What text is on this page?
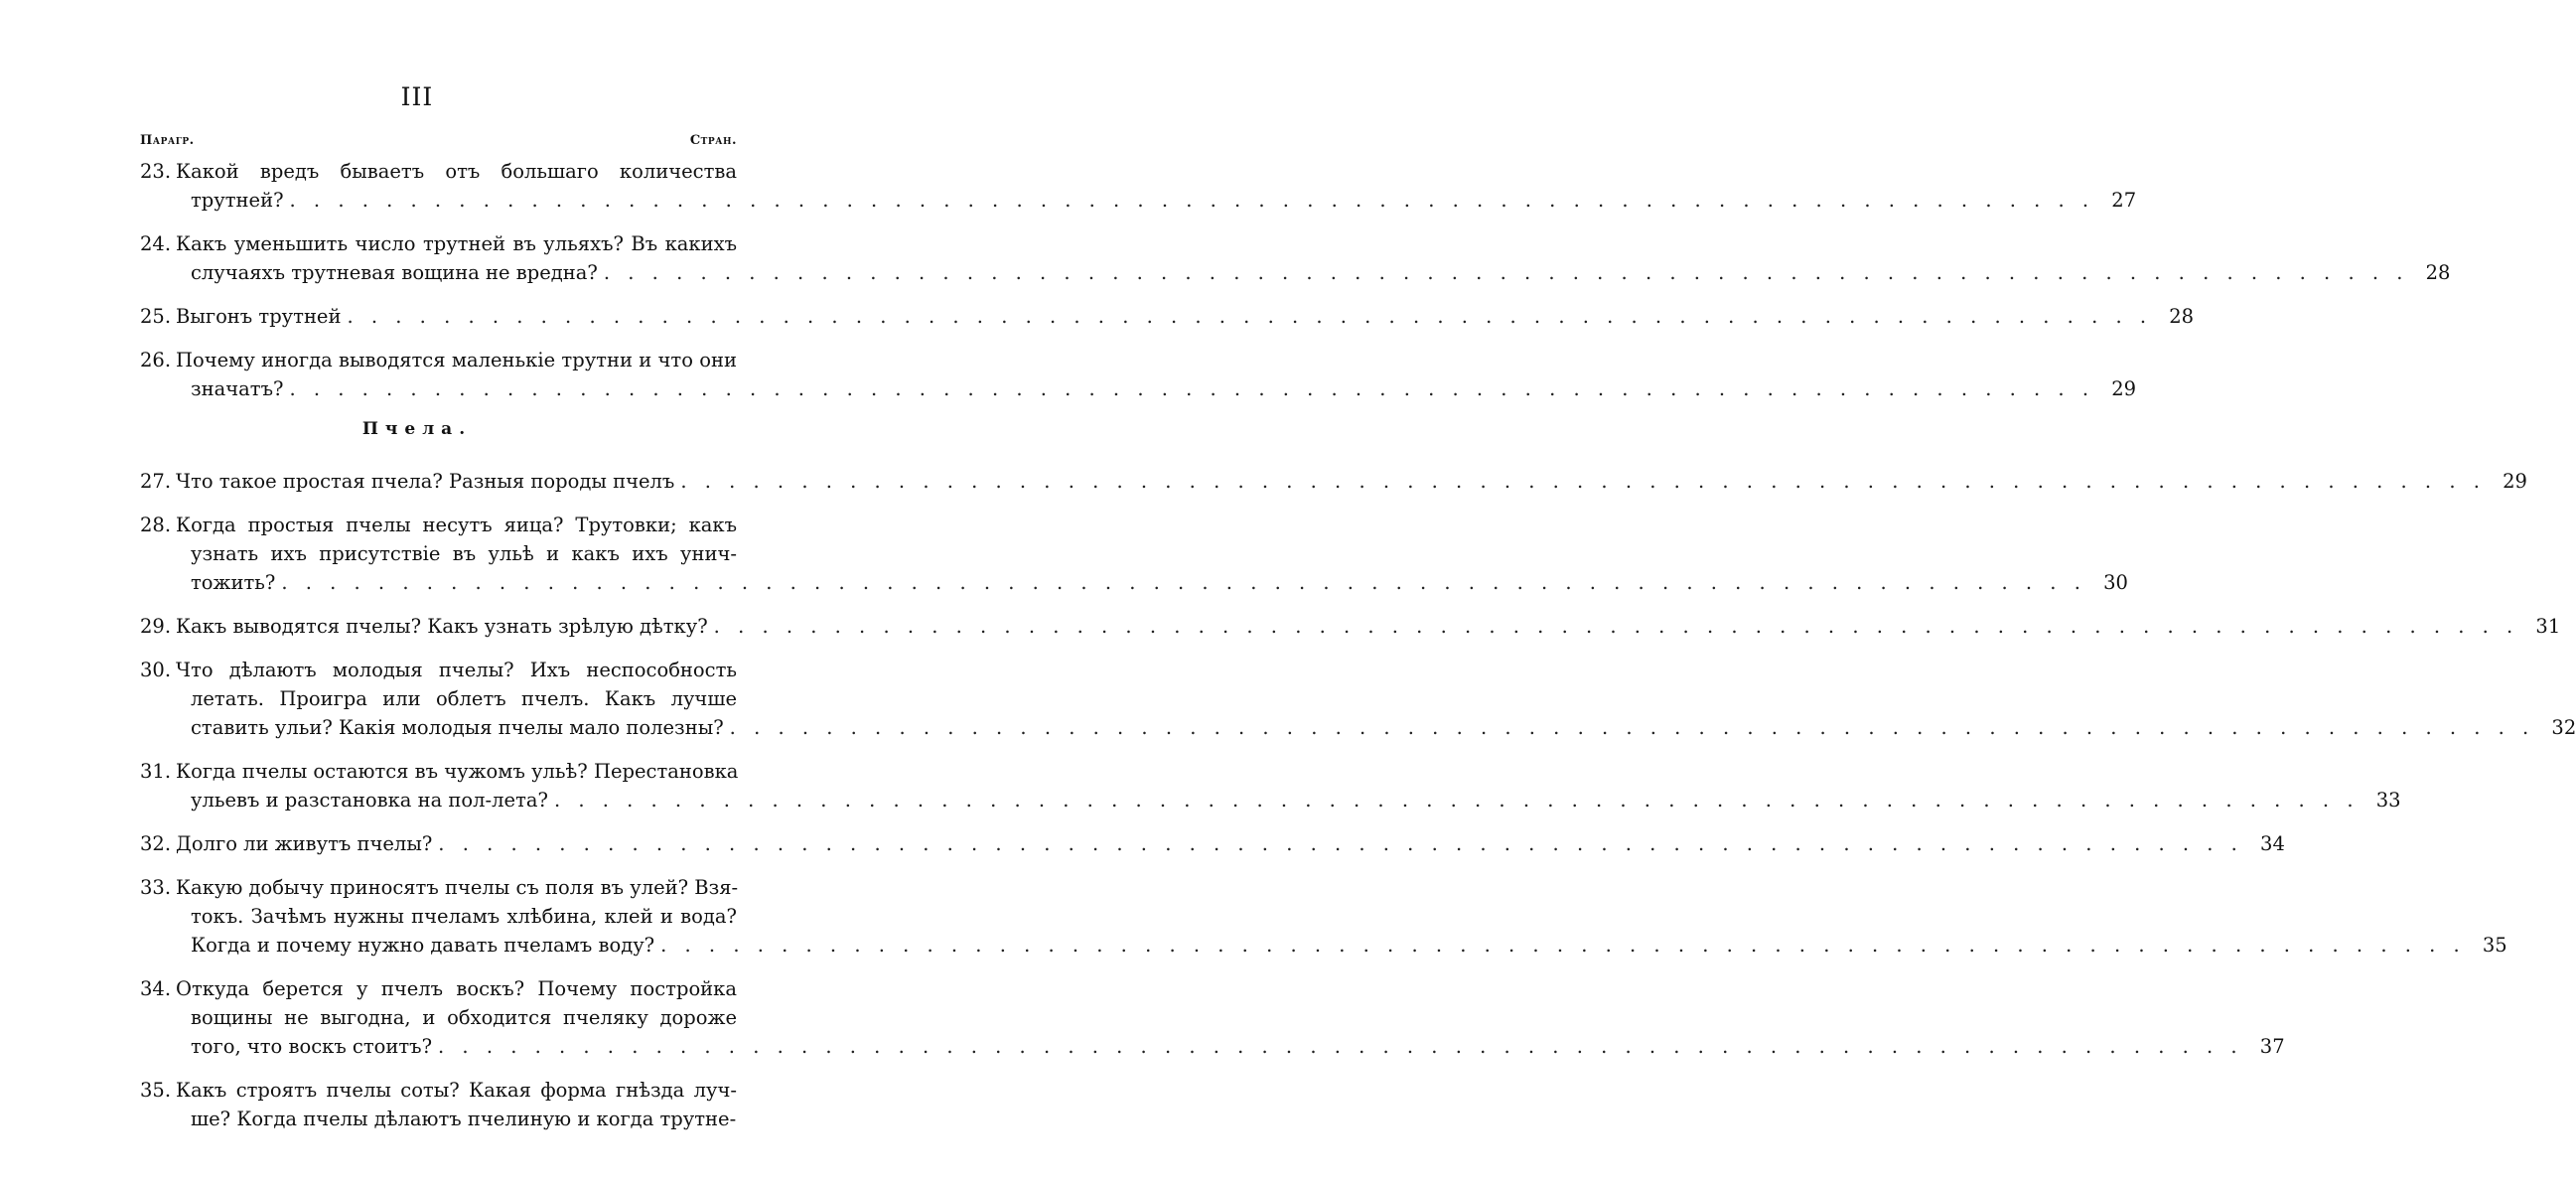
III
Парагр.	Стран.
23. Какой вредъ бываетъ отъ большаго количества
трутней? . . .	27
24. Какъ уменьшить число трутней въ ульяхъ? Въ какихъ
случаяхъ трутневая вощина не вредна? . . .	28
25. Выгонъ трутней . . .	28
26. Почему иногда выводятся маленькіе трутни и что они
значатъ? . . .	29
Пчела.
27. Что такое простая пчела? Разныя породы пчелъ . . .	29
28. Когда простыя пчелы несутъ яица? Трутовки; какъ
узнать ихъ присутствіе въ ульѣ и какъ ихъ унич-
тожить? . . .	30
29. Какъ выводятся пчелы? Какъ узнать зрѣлую дѣтку? . . .	31
30. Что дѣлаютъ молодыя пчелы? Ихъ неспособность
летать. Проигра или облетъ пчелъ. Какъ лучше
ставить ульи? Какія молодыя пчелы мало полезны? . . .	32
31. Когда пчелы остаются въ чужомъ ульѣ? Перестановка
ульевъ и разстановка на пол-лета? . . .	33
32. Долго ли живутъ пчелы? . . .	34
33. Какую добычу приносятъ пчелы съ поля въ улей? Взя-
токъ. Зачѣмъ нужны пчеламъ хлѣбина, клей и вода?
Когда и почему нужно давать пчеламъ воду? . . .	35
34. Откуда берется у пчелъ воскъ? Почему постройка
вощины не выгодна, и обходится пчеляку дороже
того, что воскъ стоитъ? . . .	37
35. Какъ строятъ пчелы соты? Какая форма гнѣзда луч-
ше? Когда пчелы дѣлаютъ пчелиную и когда трутне-
